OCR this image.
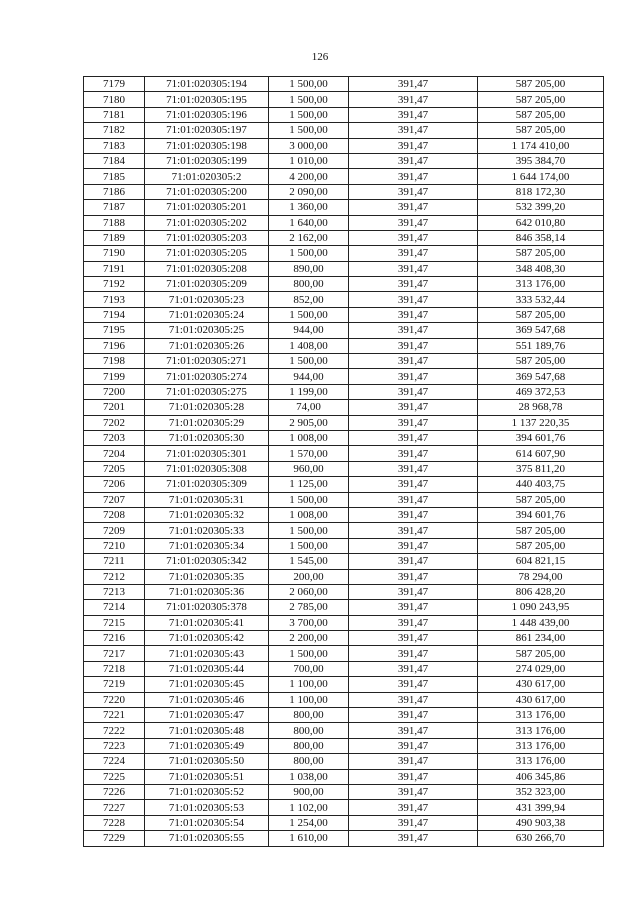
126
7179	71:01:020305:194	1 500,00	391,47	587 205,00
7180	71:01:020305:195	1 500,00	391,47	587 205,00
7181	71:01:020305:196	1 500,00	391,47	587 205,00
7182	71:01:020305:197	1 500,00	391,47	587 205,00
7183	71:01:020305:198	3 000,00	391,47	1 174 410,00
7184	71:01:020305:199	1 010,00	391,47	395 384,70
7185	71:01:020305:2	4 200,00	391,47	1 644 174,00
7186	71:01:020305:200	2 090,00	391,47	818 172,30
7187	71:01:020305:201	1 360,00	391,47	532 399,20
7188	71:01:020305:202	1 640,00	391,47	642 010,80
7189	71:01:020305:203	2 162,00	391,47	846 358,14
7190	71:01:020305:205	1 500,00	391,47	587 205,00
7191	71:01:020305:208	890,00	391,47	348 408,30
7192	71:01:020305:209	800,00	391,47	313 176,00
7193	71:01:020305:23	852,00	391,47	333 532,44
7194	71:01:020305:24	1 500,00	391,47	587 205,00
7195	71:01:020305:25	944,00	391,47	369 547,68
7196	71:01:020305:26	1 408,00	391,47	551 189,76
7198	71:01:020305:271	1 500,00	391,47	587 205,00
7199	71:01:020305:274	944,00	391,47	369 547,68
7200	71:01:020305:275	1 199,00	391,47	469 372,53
7201	71:01:020305:28	74,00	391,47	28 968,78
7202	71:01:020305:29	2 905,00	391,47	1 137 220,35
7203	71:01:020305:30	1 008,00	391,47	394 601,76
7204	71:01:020305:301	1 570,00	391,47	614 607,90
7205	71:01:020305:308	960,00	391,47	375 811,20
7206	71:01:020305:309	1 125,00	391,47	440 403,75
7207	71:01:020305:31	1 500,00	391,47	587 205,00
7208	71:01:020305:32	1 008,00	391,47	394 601,76
7209	71:01:020305:33	1 500,00	391,47	587 205,00
7210	71:01:020305:34	1 500,00	391,47	587 205,00
7211	71:01:020305:342	1 545,00	391,47	604 821,15
7212	71:01:020305:35	200,00	391,47	78 294,00
7213	71:01:020305:36	2 060,00	391,47	806 428,20
7214	71:01:020305:378	2 785,00	391,47	1 090 243,95
7215	71:01:020305:41	3 700,00	391,47	1 448 439,00
7216	71:01:020305:42	2 200,00	391,47	861 234,00
7217	71:01:020305:43	1 500,00	391,47	587 205,00
7218	71:01:020305:44	700,00	391,47	274 029,00
7219	71:01:020305:45	1 100,00	391,47	430 617,00
7220	71:01:020305:46	1 100,00	391,47	430 617,00
7221	71:01:020305:47	800,00	391,47	313 176,00
7222	71:01:020305:48	800,00	391,47	313 176,00
7223	71:01:020305:49	800,00	391,47	313 176,00
7224	71:01:020305:50	800,00	391,47	313 176,00
7225	71:01:020305:51	1 038,00	391,47	406 345,86
7226	71:01:020305:52	900,00	391,47	352 323,00
7227	71:01:020305:53	1 102,00	391,47	431 399,94
7228	71:01:020305:54	1 254,00	391,47	490 903,38
7229	71:01:020305:55	1 610,00	391,47	630 266,70
